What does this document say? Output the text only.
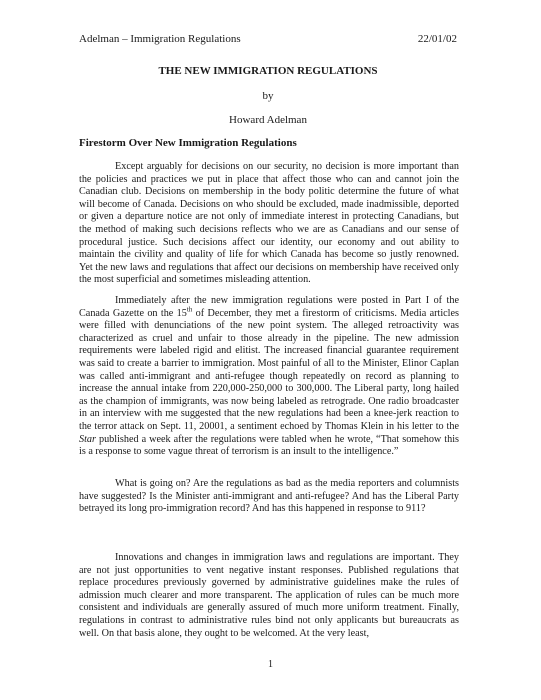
Adelman – Immigration Regulations	22/01/02
THE NEW IMMIGRATION REGULATIONS
by
Howard Adelman
Firestorm Over New Immigration Regulations

Except arguably for decisions on our security, no decision is more important than the policies and practices we put in place that affect those who can and cannot join the Canadian club. Decisions on membership in the body politic determine the future of what will become of Canada. Decisions on who should be excluded, made inadmissible, deported or given a departure notice are not only of immediate interest in protecting Canadians, but the method of making such decisions reflects who we are as Canadians and our sense of procedural justice. Such decisions affect our identity, our economy and out ability to maintain the civility and quality of life for which Canada has become so justly renowned. Yet the new laws and regulations that affect our decisions on membership have received only the most superficial and sometimes misleading attention.

Immediately after the new immigration regulations were posted in Part I of the Canada Gazette on the 15th of December, they met a firestorm of criticisms. Media articles were filled with denunciations of the new point system. The alleged retroactivity was characterized as cruel and unfair to those already in the pipeline. The new admission requirements were labeled rigid and elitist. The increased financial guarantee requirement was said to create a barrier to immigration. Most painful of all to the Minister, Elinor Caplan was called anti-immigrant and anti-refugee though repeatedly on record as planning to increase the annual intake from 220,000-250,000 to 300,000. The Liberal party, long hailed as the champion of immigrants, was now being labeled as retrograde. One radio broadcaster in an interview with me suggested that the new regulations had been a knee-jerk reaction to the terror attack on Sept. 11, 20001, a sentiment echoed by Thomas Klein in his letter to the Star published a week after the regulations were tabled when he wrote, “That somehow this is a response to some vague threat of terrorism is an insult to the intelligence.”

What is going on? Are the regulations as bad as the media reporters and columnists have suggested? Is the Minister anti-immigrant and anti-refugee? And has the Liberal Party betrayed its long pro-immigration record? And has this happened in response to 911?

Innovations and changes in immigration laws and regulations are important. They are not just opportunities to vent negative instant responses. Published regulations that replace procedures previously governed by administrative guidelines make the rules of admission much clearer and more transparent. The application of rules can be much more consistent and individuals are generally assured of much more uniform treatment. Finally, regulations in contrast to administrative rules bind not only applicants but bureaucrats as well. On that basis alone, they ought to be welcomed. At the very least,

1
